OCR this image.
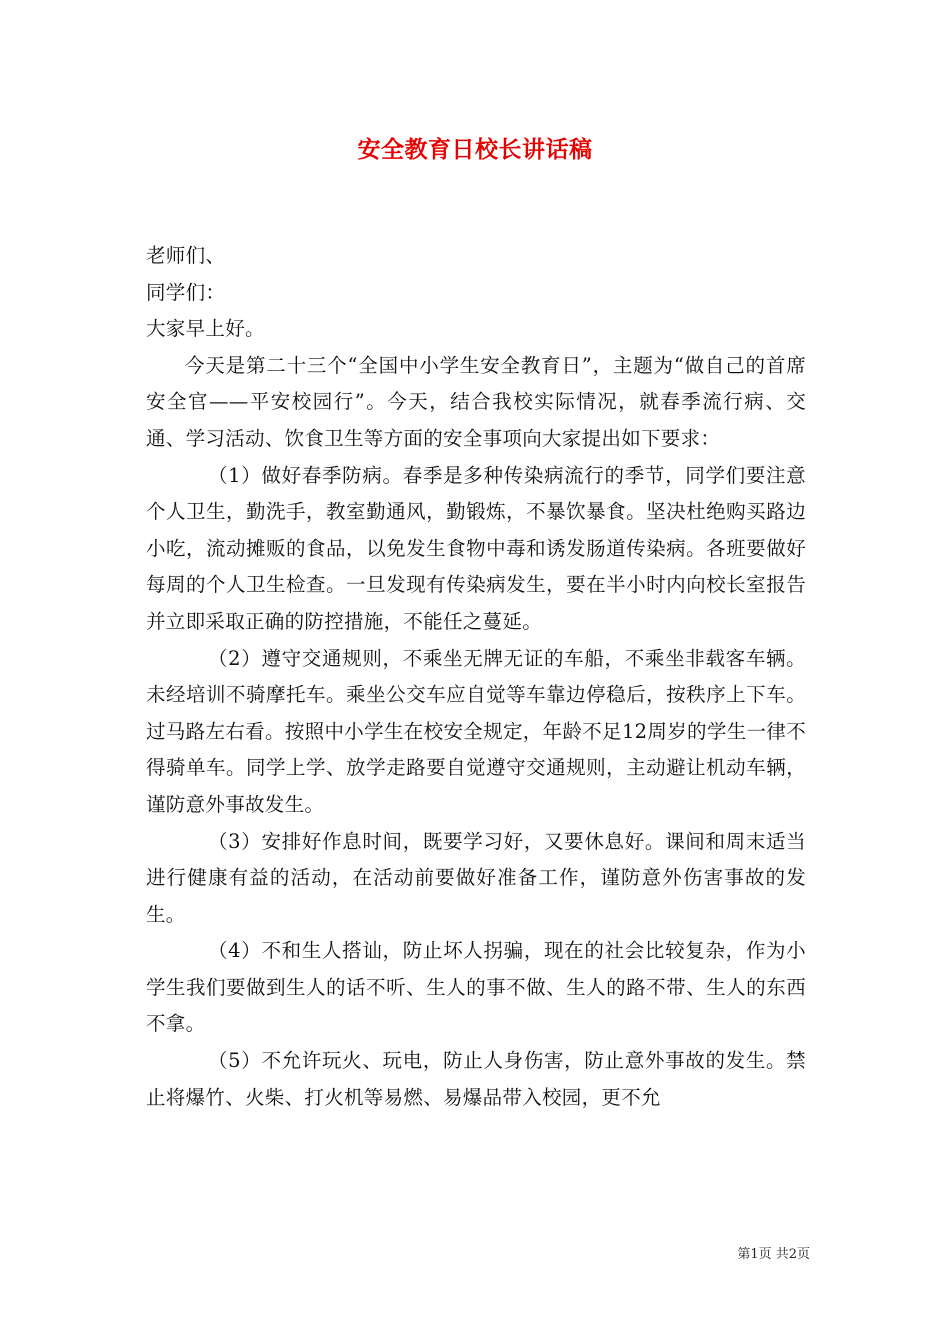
安全教育日校长讲话稿

老师们、

同学们：

大家早上好。

今天是第二十三个“全国中小学生安全教育日”，主题为“做自己的首席安全官——平安校园行”。今天，结合我校实际情况，就春季流行病、交通、学习活动、饮食卫生等方面的安全事项向大家提出如下要求：

（1）做好春季防病。春季是多种传染病流行的季节，同学们要注意个人卫生，勤洗手，教室勤通风，勤锻炼，不暴饮暴食。坚决杜绝购买路边小吃，流动摊贩的食品，以免发生食物中毒和诱发肠道传染病。各班要做好每周的个人卫生检查。一旦发现有传染病发生，要在半小时内向校长室报告并立即采取正确的防控措施，不能任之蔓延。

（2）遵守交通规则，不乘坐无牌无证的车船，不乘坐非载客车辆。未经培训不骑摩托车。乘坐公交车应自觉等车靠边停稳后，按秩序上下车。过马路左右看。按照中小学生在校安全规定，年龄不足12周岁的学生一律不得骑单车。同学上学、放学走路要自觉遵守交通规则，主动避让机动车辆，谨防意外事故发生。

（3）安排好作息时间，既要学习好，又要休息好。课间和周末适当进行健康有益的活动，在活动前要做好准备工作，谨防意外伤害事故的发生。

（4）不和生人搭讪，防止坏人拐骗，现在的社会比较复杂，作为小学生我们要做到生人的话不听、生人的事不做、生人的路不带、生人的东西不拿。

（5）不允许玩火、玩电，防止人身伤害，防止意外事故的发生。禁止将爆竹、火柴、打火机等易燃、易爆品带入校园，更不允

第1页 共2页
